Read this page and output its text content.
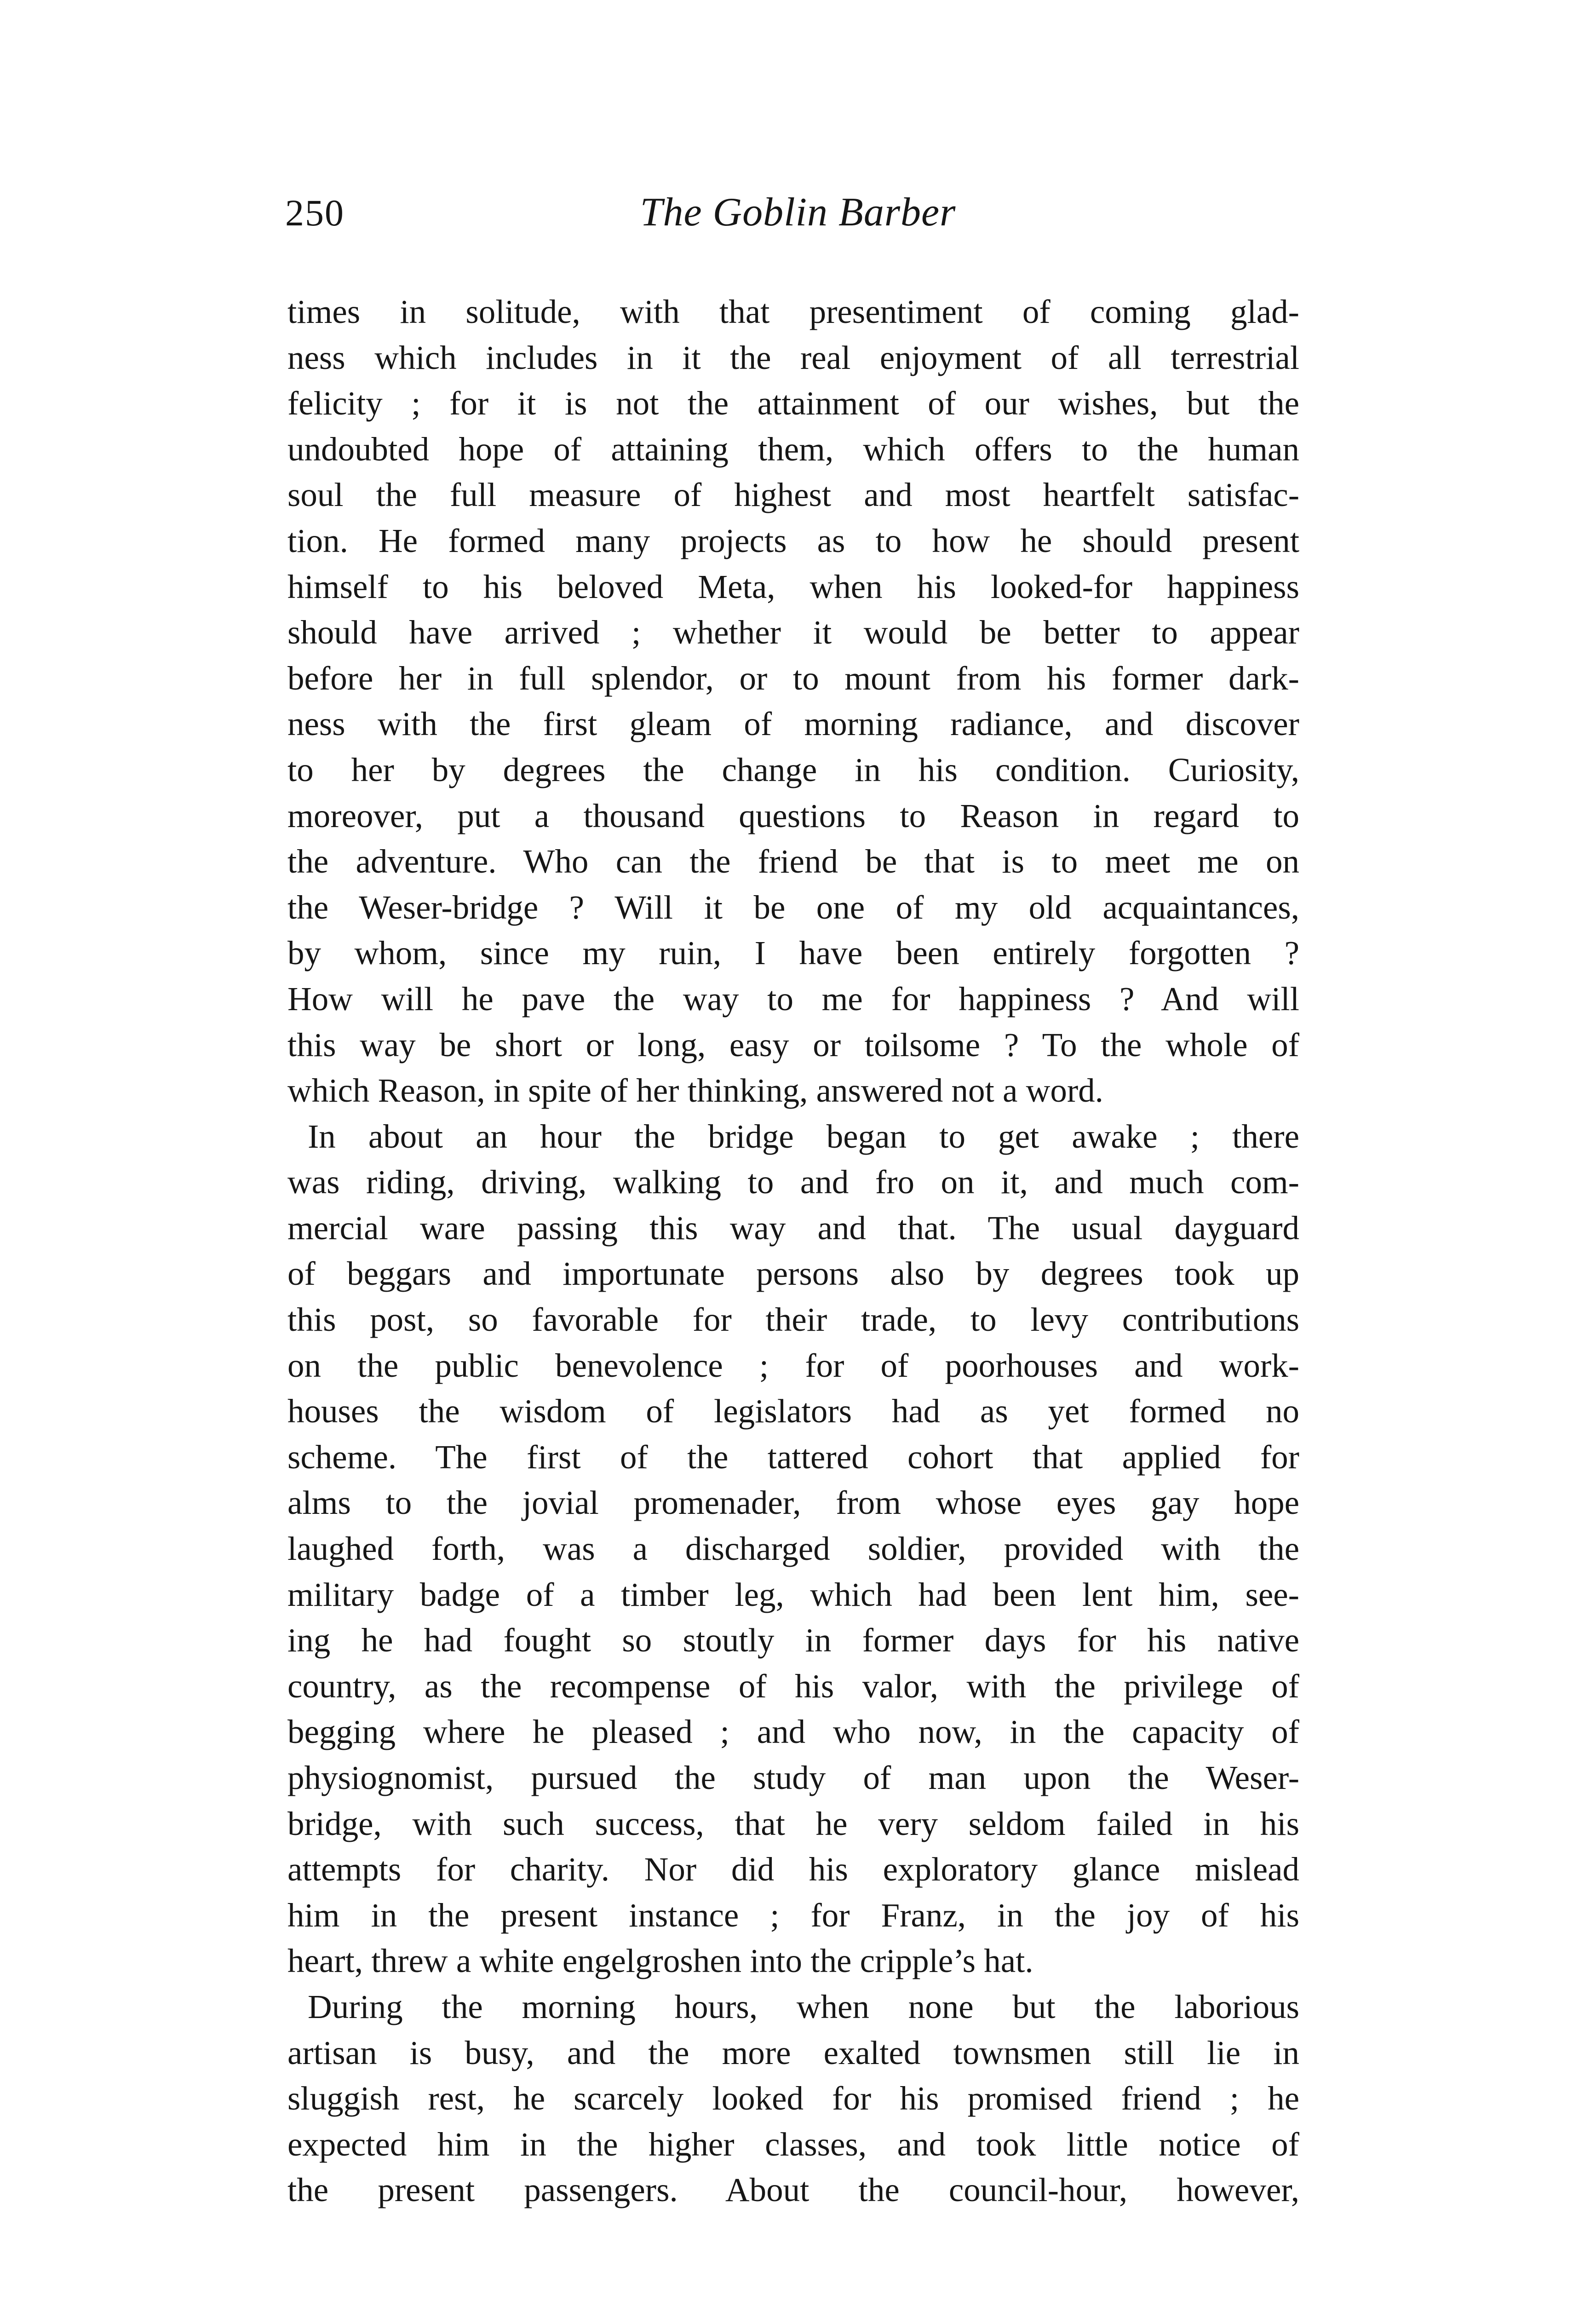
250	The Goblin Barber
times in solitude, with that presentiment of coming glad-
ness which includes in it the real enjoyment of all terrestrial
felicity ; for it is not the attainment of our wishes, but the
undoubted hope of attaining them, which offers to the human
soul the full measure of highest and most heartfelt satisfac-
tion. He formed many projects as to how he should present
himself to his beloved Meta, when his looked-for happiness
should have arrived ; whether it would be better to appear
before her in full splendor, or to mount from his former dark-
ness with the first gleam of morning radiance, and discover
to her by degrees the change in his condition. Curiosity,
moreover, put a thousand questions to Reason in regard to
the adventure. Who can the friend be that is to meet me on
the Weser-bridge ? Will it be one of my old acquaintances,
by whom, since my ruin, I have been entirely forgotten ?
How will he pave the way to me for happiness ? And will
this way be short or long, easy or toilsome ? To the whole of
which Reason, in spite of her thinking, answered not a word.
In about an hour the bridge began to get awake ; there
was riding, driving, walking to and fro on it, and much com-
mercial ware passing this way and that. The usual dayguard
of beggars and importunate persons also by degrees took up
this post, so favorable for their trade, to levy contributions
on the public benevolence ; for of poorhouses and work-
houses the wisdom of legislators had as yet formed no
scheme. The first of the tattered cohort that applied for
alms to the jovial promenader, from whose eyes gay hope
laughed forth, was a discharged soldier, provided with the
military badge of a timber leg, which had been lent him, see-
ing he had fought so stoutly in former days for his native
country, as the recompense of his valor, with the privilege of
begging where he pleased ; and who now, in the capacity of
physiognomist, pursued the study of man upon the Weser-
bridge, with such success, that he very seldom failed in his
attempts for charity. Nor did his exploratory glance mislead
him in the present instance ; for Franz, in the joy of his
heart, threw a white engelgroshen into the cripple’s hat.
During the morning hours, when none but the laborious
artisan is busy, and the more exalted townsmen still lie in
sluggish rest, he scarcely looked for his promised friend ; he
expected him in the higher classes, and took little notice of
the present passengers. About the council-hour, however,
